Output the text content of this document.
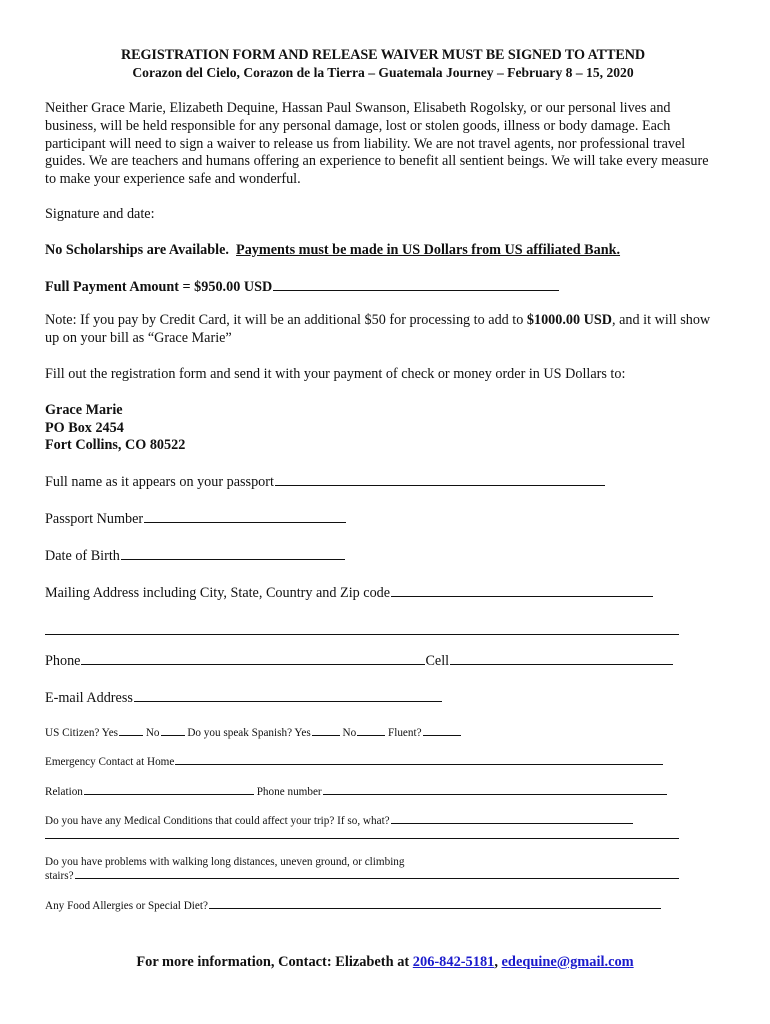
REGISTRATION FORM AND RELEASE WAIVER MUST BE SIGNED TO ATTEND
Corazon del Cielo, Corazon de la Tierra – Guatemala Journey – February 8 – 15, 2020
Neither Grace Marie, Elizabeth Dequine, Hassan Paul Swanson, Elisabeth Rogolsky, or our personal lives and business, will be held responsible for any personal damage, lost or stolen goods, illness or body damage. Each participant will need to sign a waiver to release us from liability. We are not travel agents, nor professional travel guides. We are teachers and humans offering an experience to benefit all sentient beings. We will take every measure to make your experience safe and wonderful.
Signature and date:
No Scholarships are Available. Payments must be made in US Dollars from US affiliated Bank.
Full Payment Amount = $950.00 USD
Note: If you pay by Credit Card, it will be an additional $50 for processing to add to $1000.00 USD, and it will show up on your bill as “Grace Marie”
Fill out the registration form and send it with your payment of check or money order in US Dollars to:
Grace Marie
PO Box 2454
Fort Collins, CO 80522
Full name as it appears on your passport
Passport Number
Date of Birth
Mailing Address including City, State, Country and Zip code
Phone	Cell
E-mail Address
US Citizen? Yes No Do you speak Spanish? Yes	No	Fluent?
Emergency Contact at Home
Relation	Phone number
Do you have any Medical Conditions that could affect your trip? If so, what?
Do you have problems with walking long distances, uneven ground, or climbing
stairs?
Any Food Allergies or Special Diet?
For more information, Contact: Elizabeth at 206-842-5181, edequine@gmail.com
